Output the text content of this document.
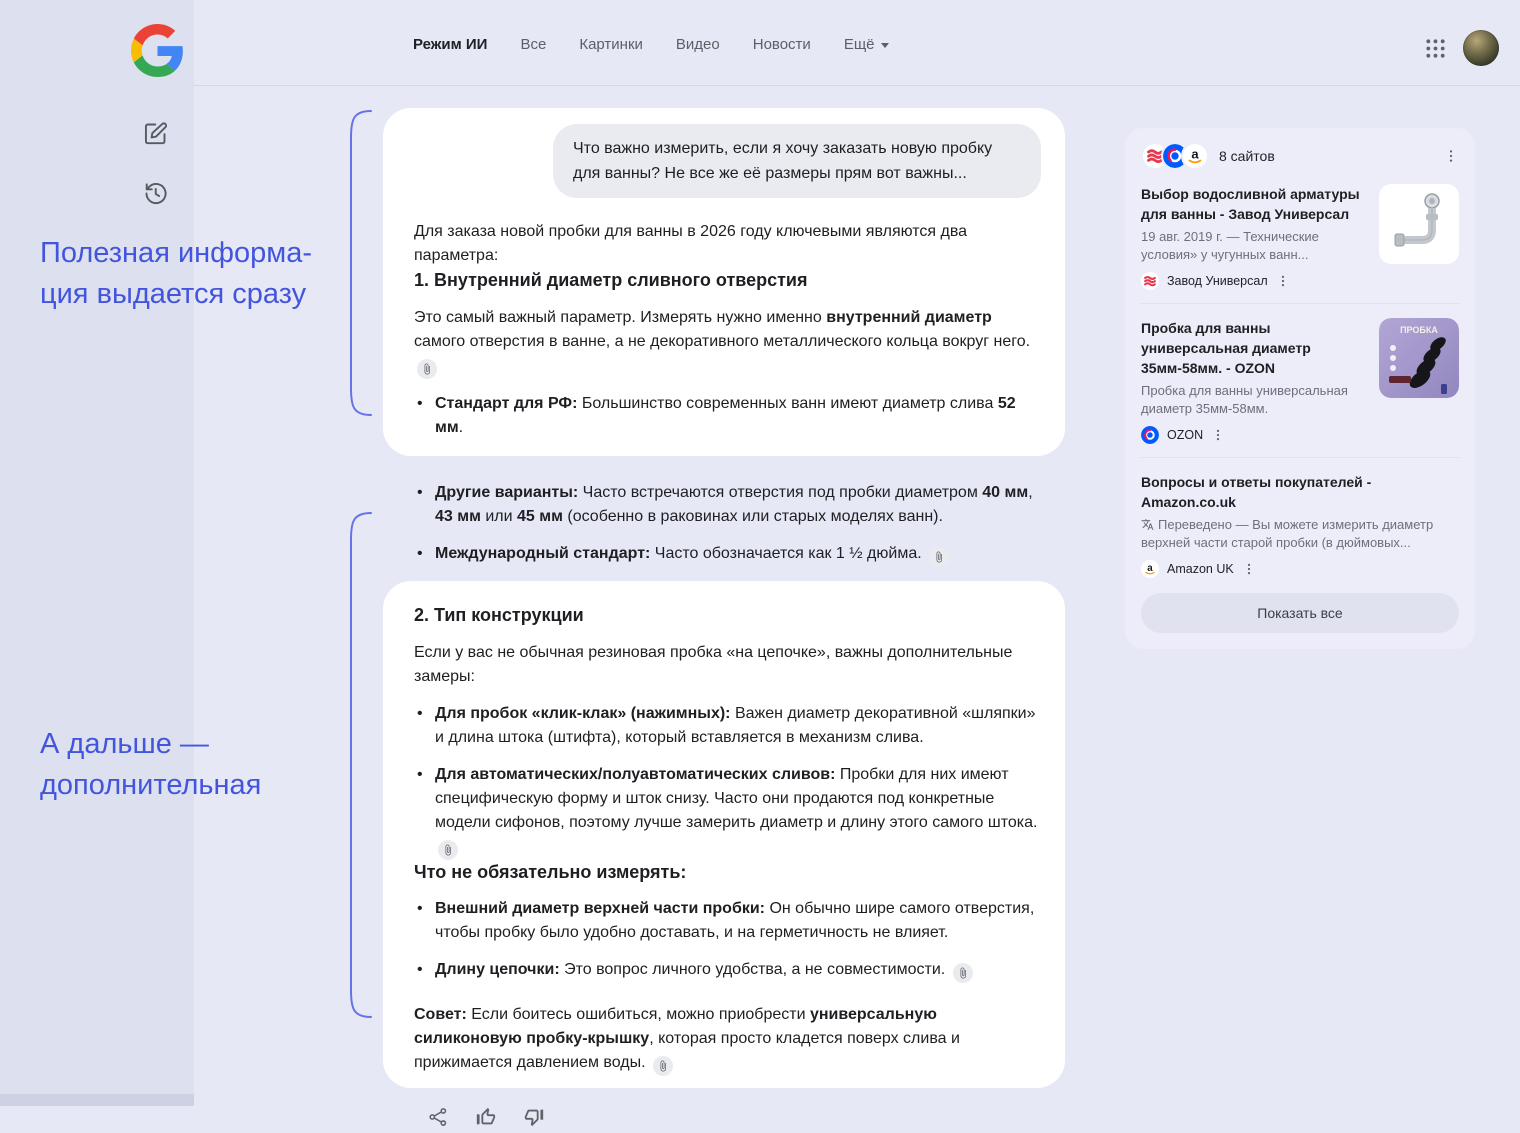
Режим ИИ Все Картинки Видео Новости Ещё
Полезная информа-
ция выдается сразу
А дальше —
дополнительная
Что важно измерить, если я хочу заказать новую пробку для ванны? Не все же её размеры прям вот важны...

Для заказа новой пробки для ванны в 2026 году ключевыми являются два параметра:

1. Внутренний диаметр сливного отверстия

Это самый важный параметр. Измерять нужно именно внутренний диаметр самого отверстия в ванне, а не декоративного металлического кольца вокруг него.

• Стандарт для РФ: Большинство современных ванн имеют диаметр слива 52 мм.
• Другие варианты: Часто встречаются отверстия под пробки диаметром 40 мм, 43 мм или 45 мм (особенно в раковинах или старых моделях ванн).
• Международный стандарт: Часто обозначается как 1 ½ дюйма.
2. Тип конструкции

Если у вас не обычная резиновая пробка «на цепочке», важны дополнительные замеры:

• Для пробок «клик-клак» (нажимных): Важен диаметр декоративной «шляпки» и длина штока (штифта), который вставляется в механизм слива.
• Для автоматических/полуавтоматических сливов: Пробки для них имеют специфическую форму и шток снизу. Часто они продаются под конкретные модели сифонов, поэтому лучше замерить диаметр и длину этого самого штока.
Что не обязательно измерять:
• Внешний диаметр верхней части пробки: Он обычно шире самого отверстия, чтобы пробку было удобно доставать, и на герметичность не влияет.
• Длину цепочки: Это вопрос личного удобства, а не совместимости.

Совет: Если боитесь ошибиться, можно приобрести универсальную силиконовую пробку-крышку, которая просто кладется поверх слива и прижимается давлением воды.

a 8 сайтов
Выбор водосливной арматуры для ванны - Завод Универсал
19 авг. 2019 г. — Технические условия» у чугунных ванн...
Завод Универсал
Пробка для ванны универсальная диаметр 35мм-58мм. - OZON
Пробка для ванны универсальная диаметр 35мм-58мм.
OZON
ПРОБКА
Вопросы и ответы покупателей - Amazon.co.uk
Переведено — Вы можете измерить диаметр верхней части старой пробки (в дюймовых...
a Amazon UK
Показать все
